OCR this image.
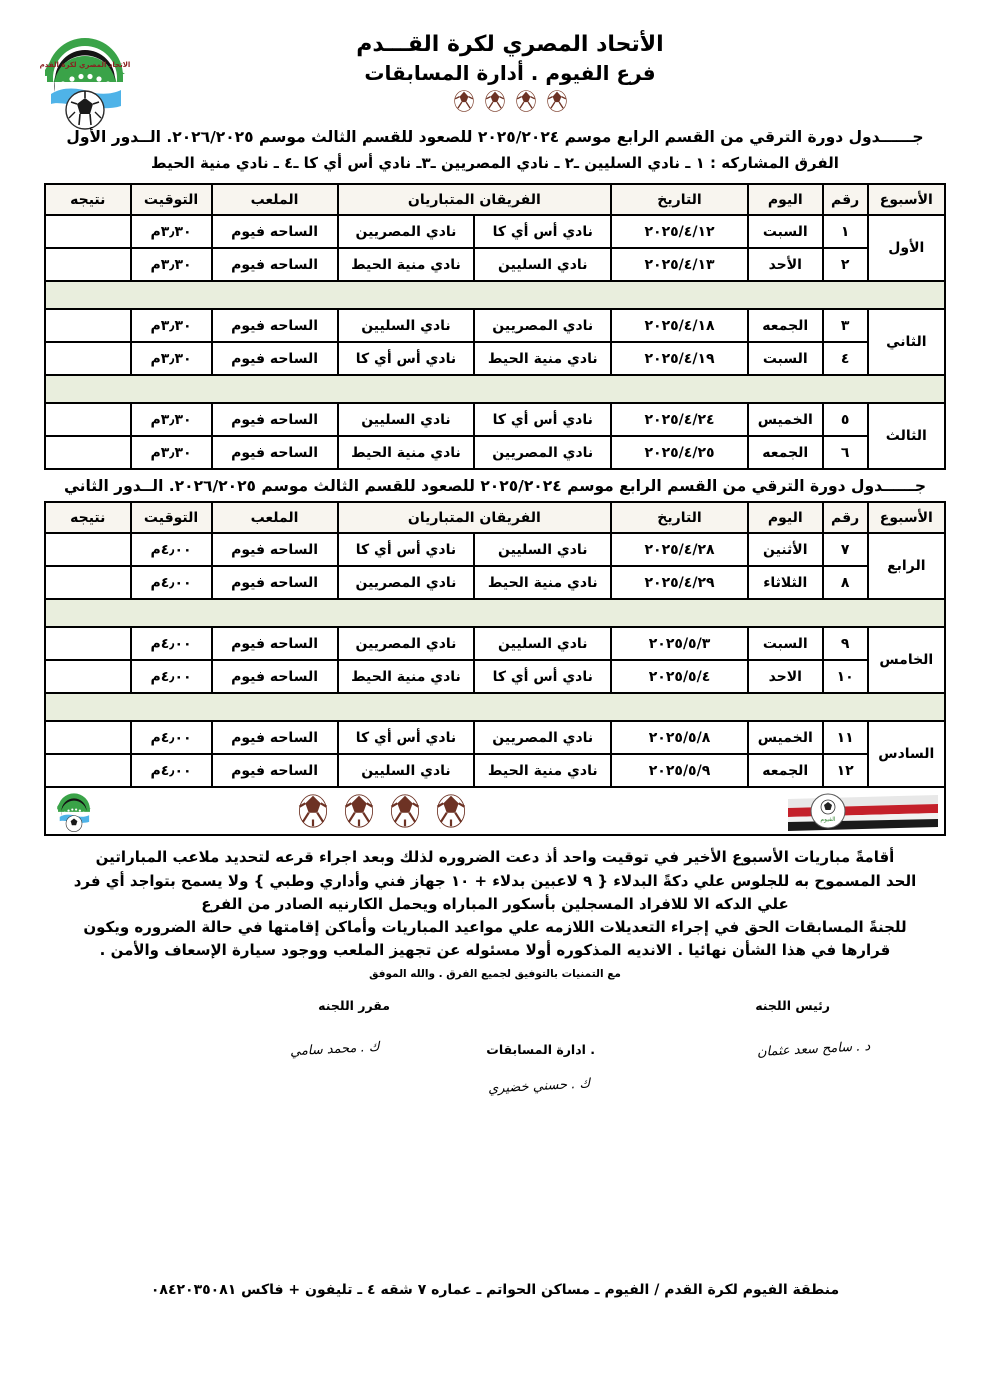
الاتحاد المصري لكرة القدم
الأتحاد المصري لكرة القـــدم
فرع الفيوم . أدارة المسابقات
جــــــدول دورة الترقي من القسم الرابع موسم ٢٠٢٥/٢٠٢٤ للصعود للقسم الثالث موسم ٢٠٢٦/٢٠٢٥. الــدور الأول
الفرق المشاركه : ١ ـ نادي السليين ـ٢ ـ نادي المصريين ـ٣ـ نادي أس أي كا ـ٤ ـ نادي منية الحيط
الأسبوع	رقم	اليوم	التاريخ	الفريقان المتباريان		الملعب	التوقيت	نتيجه
الأول	١	السبت	٢٠٢٥/٤/١٢	نادي أس أي كا	نادي المصريين	الساحه فيوم	٣٫٣٠م	
	٢	الأحد	٢٠٢٥/٤/١٣	نادي السليين	نادي منية الحيط	الساحه فيوم	٣٫٣٠م	

الثاني	٣	الجمعه	٢٠٢٥/٤/١٨	نادي المصريين	نادي السليين	الساحه فيوم	٣٫٣٠م	
	٤	السبت	٢٠٢٥/٤/١٩	نادي منية الحيط	نادي أس أي كا	الساحه فيوم	٣٫٣٠م	

الثالث	٥	الخميس	٢٠٢٥/٤/٢٤	نادي أس أي كا	نادي السليين	الساحه فيوم	٣٫٣٠م	
	٦	الجمعه	٢٠٢٥/٤/٢٥	نادي المصريين	نادي منية الحيط	الساحه فيوم	٣٫٣٠م	
جــــــدول دورة الترقي من القسم الرابع موسم ٢٠٢٥/٢٠٢٤ للصعود للقسم الثالث موسم ٢٠٢٦/٢٠٢٥. الــدور الثاني
الأسبوع	رقم	اليوم	التاريخ	الفريقان المتباريان		الملعب	التوقيت	نتيجه
الرابع	٧	الأثنين	٢٠٢٥/٤/٢٨	نادي السليين	نادي أس أي كا	الساحه فيوم	٤٫٠٠م	
	٨	الثلاثاء	٢٠٢٥/٤/٢٩	نادي منية الحيط	نادي المصريين	الساحه فيوم	٤٫٠٠م	

الخامس	٩	السبت	٢٠٢٥/٥/٣	نادي السليين	نادي المصريين	الساحه فيوم	٤٫٠٠م	
	١٠	الاحد	٢٠٢٥/٥/٤	نادي أس أي كا	نادي منية الحيط	الساحه فيوم	٤٫٠٠م	

السادس	١١	الخميس	٢٠٢٥/٥/٨	نادي المصريين	نادي أس أي كا	الساحه فيوم	٤٫٠٠م	
	١٢	الجمعه	٢٠٢٥/٥/٩	نادي منية الحيط	نادي السليين	الساحه فيوم	٤٫٠٠م	
الفيوم

أقامةً مباريات الأسبوع الأخير في توقيت واحد أذ دعت الضروره لذلك وبعد اجراء قرعه لتحديد ملاعب المباراتين

الحد المسموح به للجلوس علي دكةً البدلاء { ٩ لاعبين بدلاء + ١٠ جهاز فني وأداري وطبي } ولا يسمح بتواجد أي فرد

علي الدكه الا للافراد المسجلين بأسكور المباراه ويحمل الكارنيه الصادر من الفرع

للجنةً المسابقات الحق في إجراء التعديلات اللازمه علي مواعيد المباريات وأماكن إقامتها في حالة الضروره ويكون

قرارها في هذا الشأن نهائيا . الانديه المذكوره أولا مسئوله عن تجهيز الملعب ووجود سيارة الإسعاف والأمن .

مع التمنيات بالتوفيق لجميع الفرق . والله الموفق
مقرر اللجنه
ك . محمد سامي	. ادارة المسابقات
ك . حسني خضيري
رئيس اللجنه
د . سامح سعد عثمان
منطقة الفيوم لكرة القدم / الفيوم ـ مساكن الحواتم ـ عماره ٧ شقه ٤ ـ تليفون + فاكس ٠٨٤٢٠٣٥٠٨١
